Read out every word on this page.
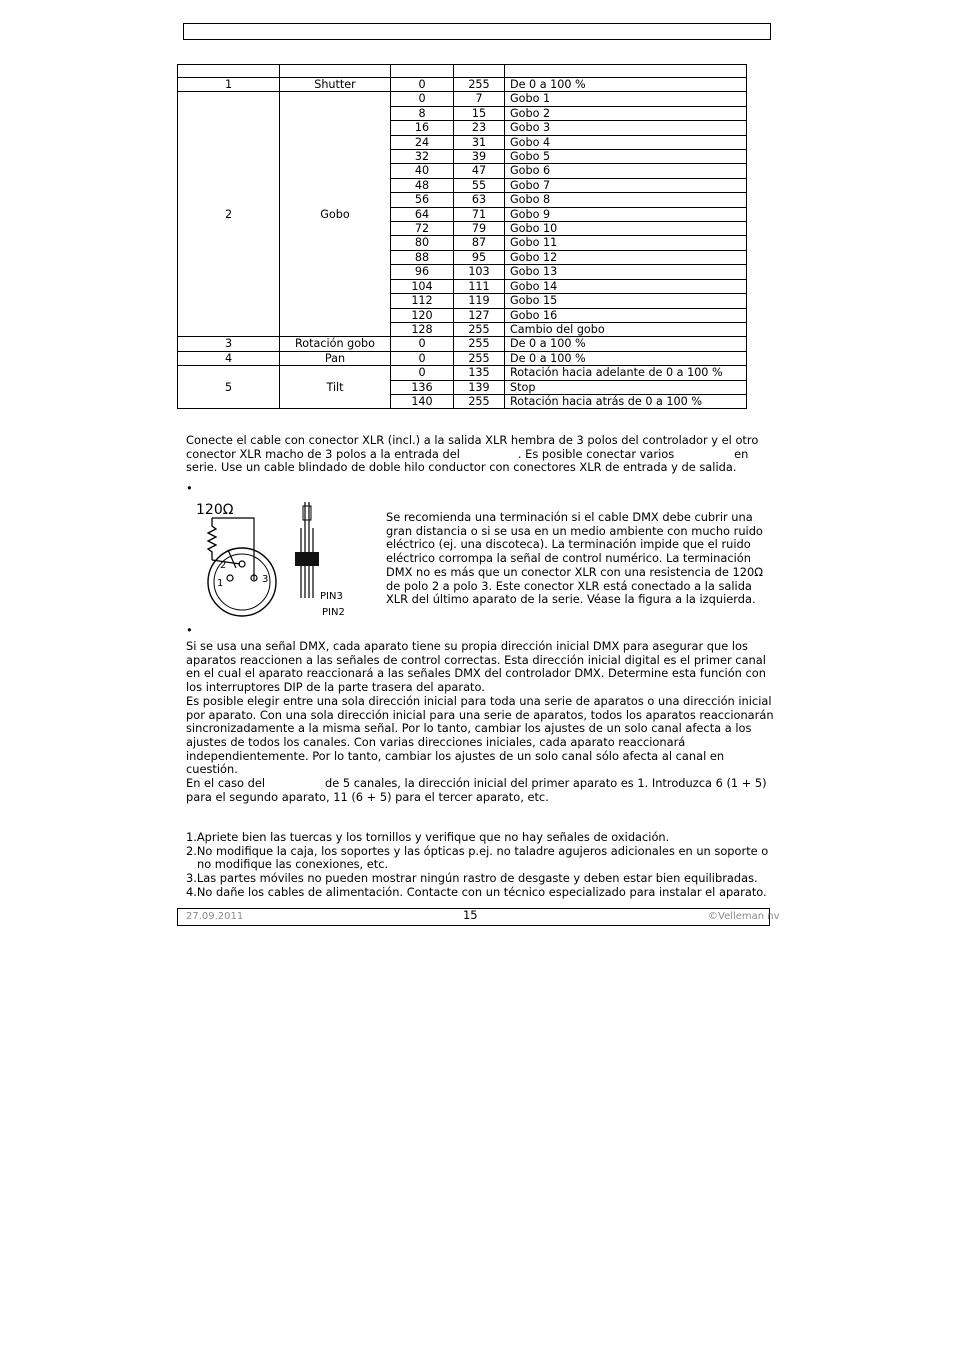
1	Shutter	0	255	De 0 a 100 %
2	Gobo	0	7	Gobo 1
		8	15	Gobo 2
		16	23	Gobo 3
		24	31	Gobo 4
		32	39	Gobo 5
		40	47	Gobo 6
		48	55	Gobo 7
		56	63	Gobo 8
		64	71	Gobo 9
		72	79	Gobo 10
		80	87	Gobo 11
		88	95	Gobo 12
		96	103	Gobo 13
		104	111	Gobo 14
		112	119	Gobo 15
		120	127	Gobo 16
		128	255	Cambio del gobo
3	Rotación gobo	0	255	De 0 a 100 %
4	Pan	0	255	De 0 a 100 %
5	Tilt	0	135	Rotación hacia adelante de 0 a 100 %
		136	139	Stop
		140	255	Rotación hacia atrás de 0 a 100 %
Conecte el cable con conector XLR (incl.) a la salida XLR hembra de 3 polos del controlador y el otro
conector XLR macho de 3 polos a la entrada del	. Es posible conectar varios	en
serie. Use un cable blindado de doble hilo conductor con conectores XLR de entrada y de salida.
•
120Ω
2
1	3
PIN3
PIN2
Se recomienda una terminación si el cable DMX debe cubrir una
gran distancia o si se usa en un medio ambiente con mucho ruido
eléctrico (ej. una discoteca). La terminación impide que el ruido
eléctrico corrompa la señal de control numérico. La terminación
DMX no es más que un conector XLR con una resistencia de 120Ω
de polo 2 a polo 3. Este conector XLR está conectado a la salida
XLR del último aparato de la serie. Véase la figura a la izquierda.
•
Si se usa una señal DMX, cada aparato tiene su propia dirección inicial DMX para asegurar que los
aparatos reaccionen a las señales de control correctas. Esta dirección inicial digital es el primer canal
en el cual el aparato reaccionará a las señales DMX del controlador DMX. Determine esta función con
los interruptores DIP de la parte trasera del aparato.
Es posible elegir entre una sola dirección inicial para toda una serie de aparatos o una dirección inicial
por aparato. Con una sola dirección inicial para una serie de aparatos, todos los aparatos reaccionarán
sincronizadamente a la misma señal. Por lo tanto, cambiar los ajustes de un solo canal afecta a los
ajustes de todos los canales. Con varias direcciones iniciales, cada aparato reaccionará
independientemente. Por lo tanto, cambiar los ajustes de un solo canal sólo afecta al canal en
cuestión.
En el caso del	de 5 canales, la dirección inicial del primer aparato es 1. Introduzca 6 (1 + 5)
para el segundo aparato, 11 (6 + 5) para el tercer aparato, etc.
1.Apriete bien las tuercas y los tornillos y verifique que no hay señales de oxidación.
2.No modifique la caja, los soportes y las ópticas p.ej. no taladre agujeros adicionales en un soporte o
no modifique las conexiones, etc.
3.Las partes móviles no pueden mostrar ningún rastro de desgaste y deben estar bien equilibradas.
4.No dañe los cables de alimentación. Contacte con un técnico especializado para instalar el aparato.
27.09.2011	15	©Velleman nv
